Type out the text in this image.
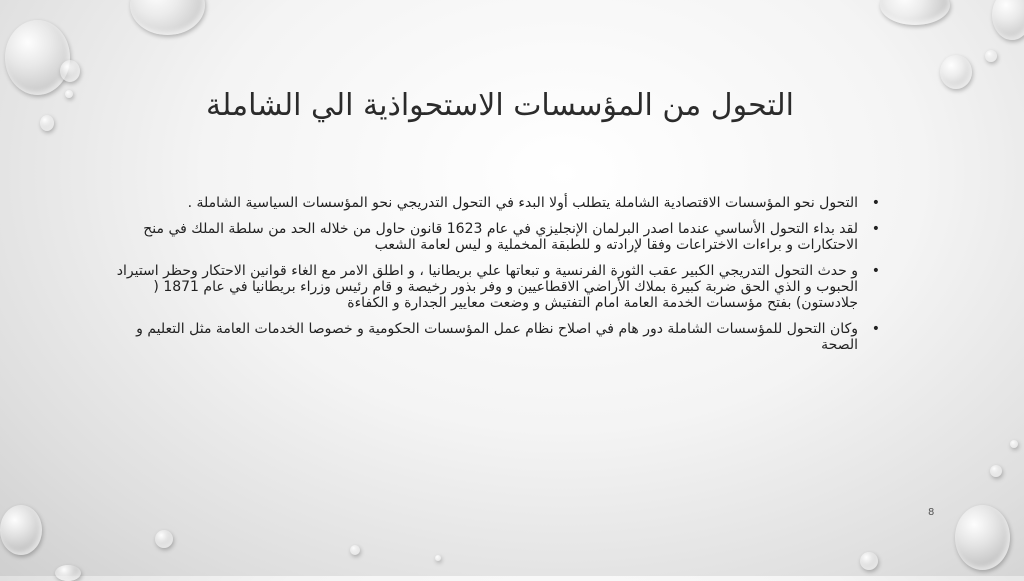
التحول من المؤسسات الاستحواذية الي الشاملة
•
التحول نحو المؤسسات الاقتصادية الشاملة يتطلب أولا البدء في التحول التدريجي نحو المؤسسات السياسية الشاملة .
•
لقد بداء التحول الأساسي عندما اصدر البرلمان الإنجليزي في عام 1623 قانون حاول من خلاله الحد من سلطة الملك في منح الاحتكارات و براءات الاختراعات وفقا لإرادته و للطبقة المخملية و ليس لعامة الشعب
•
و حدث التحول التدريجي الكبير عقب الثورة الفرنسية و تبعاتها علي بريطانيا ، و اطلق الامر مع الغاء قوانين الاحتكار وحظر استيراد الحبوب و الذي الحق ضربة كبيرة بملاك الأراضي الاقطاعيين و وفر بذور رخيصة و قام رئيس وزراء بريطانيا في عام 1871 ( جلادستون) بفتح مؤسسات الخدمة العامة امام التفتيش و وضعت معايير الجدارة و الكفاءة
•
وكان التحول للمؤسسات الشاملة دور هام في اصلاح نظام عمل المؤسسات الحكومية و خصوصا الخدمات العامة مثل التعليم و الصحة
8
